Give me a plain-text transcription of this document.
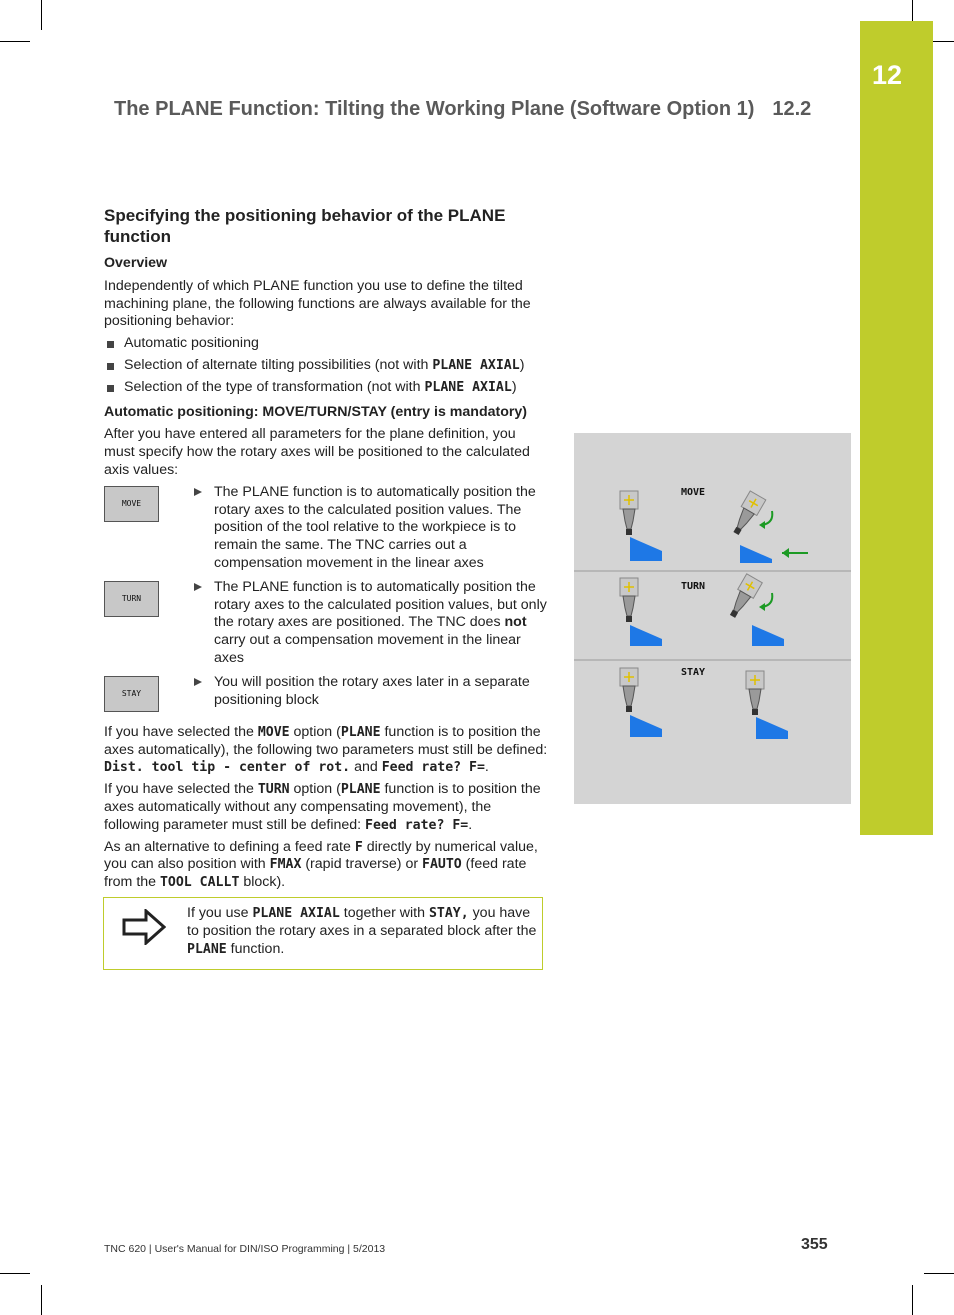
12
The PLANE Function: Tilting the Working Plane (Software Option 1) 12.2
Specifying the positioning behavior of the PLANE function
Overview

Independently of which PLANE function you use to define the tilted machining plane, the following functions are always available for the positioning behavior:

Automatic positioning
Selection of alternate tilting possibilities (not with PLANE AXIAL)
Selection of the type of transformation (not with PLANE AXIAL)
Automatic positioning: MOVE/TURN/STAY (entry is mandatory)

After you have entered all parameters for the plane definition, you must specify how the rotary axes will be positioned to the calculated axis values:

MOVE
The PLANE function is to automatically position the rotary axes to the calculated position values. The position of the tool relative to the workpiece is to remain the same. The TNC carries out a compensation movement in the linear axes
TURN
The PLANE function is to automatically position the rotary axes to the calculated position values, but only the rotary axes are positioned. The TNC does not carry out a compensation movement in the linear axes
STAY
You will position the rotary axes later in a separate positioning block

If you have selected the MOVE option (PLANE function is to position the axes automatically), the following two parameters must still be defined: Dist. tool tip - center of rot. and Feed rate? F=.

If you have selected the TURN option (PLANE function is to position the axes automatically without any compensating movement), the following parameter must still be defined: Feed rate? F=.

As an alternative to defining a feed rate F directly by numerical value, you can also position with FMAX (rapid traverse) or FAUTO (feed rate from the TOOL CALLT block).

If you use PLANE AXIAL together with STAY, you have to position the rotary axes in a separated block after the PLANE function.
MOVE
TURN
STAY
TNC 620 | User's Manual for DIN/ISO Programming | 5/2013	355
